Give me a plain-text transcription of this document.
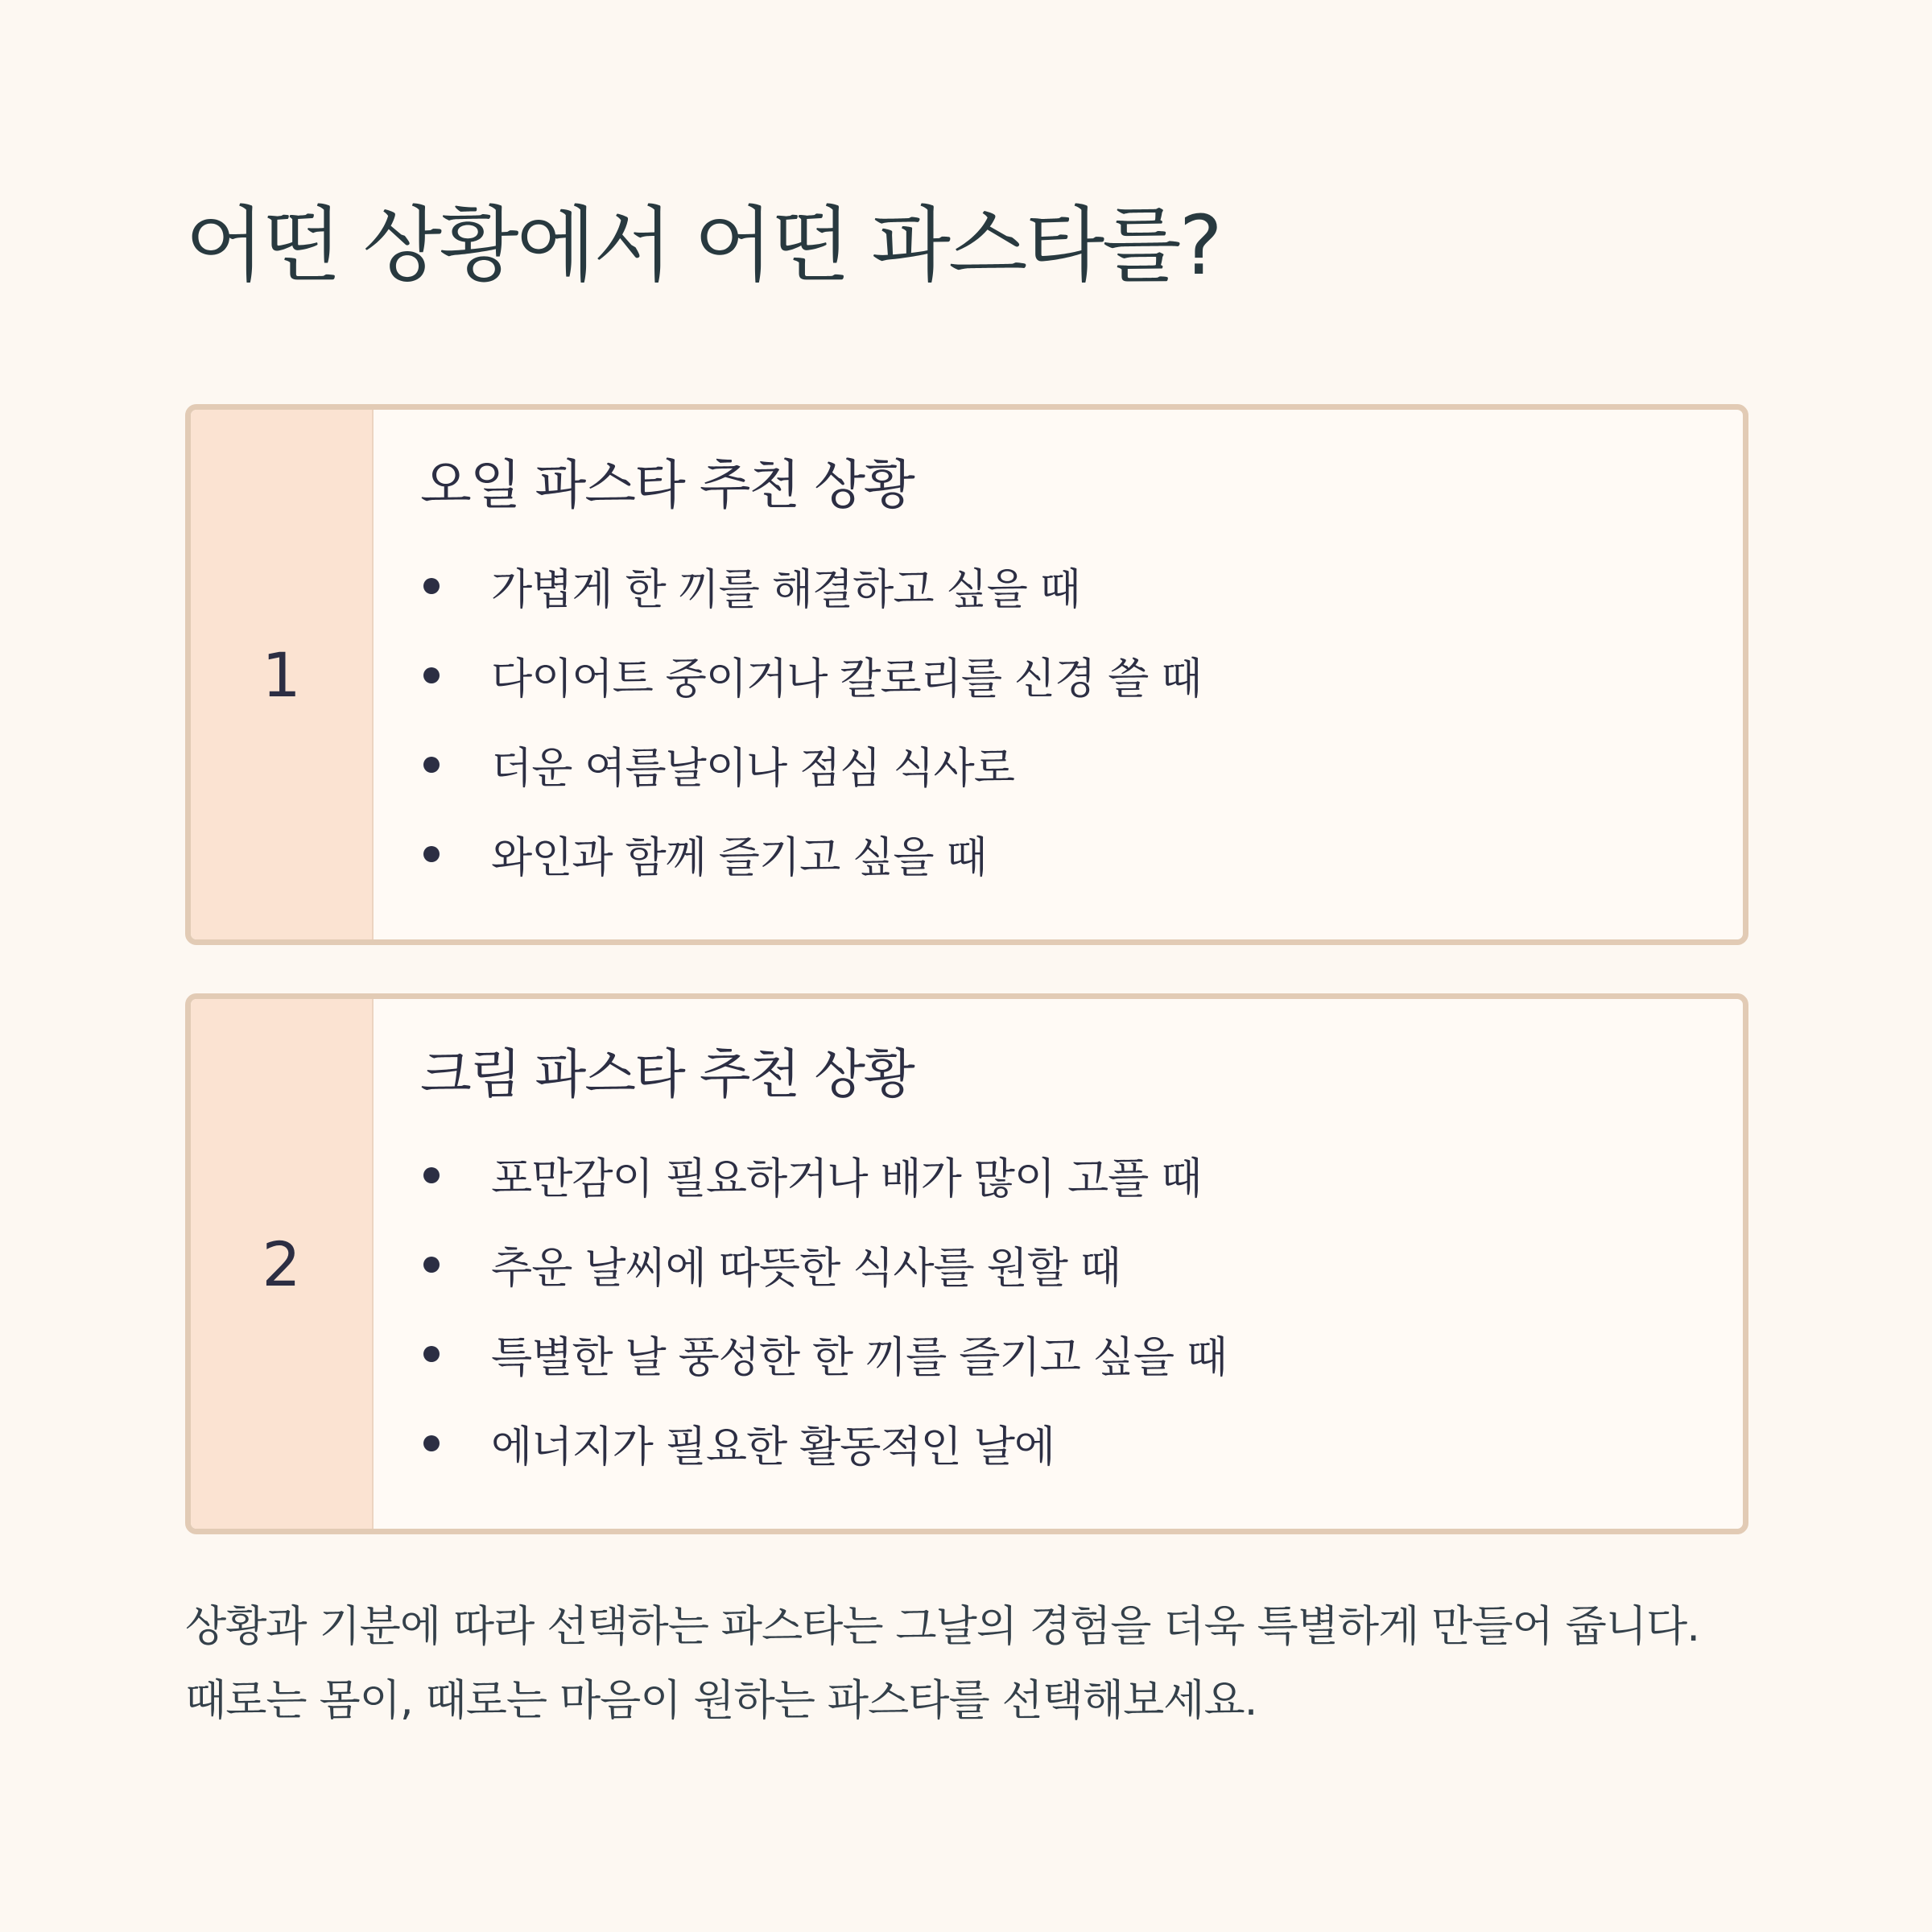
어떤 상황에서 어떤 파스타를?
1
오일 파스타 추천 상황
가볍게 한 끼를 해결하고 싶을 때
다이어트 중이거나 칼로리를 신경 쓸 때
더운 여름날이나 점심 식사로
와인과 함께 즐기고 싶을 때
2
크림 파스타 추천 상황
포만감이 필요하거나 배가 많이 고플 때
추운 날씨에 따뜻한 식사를 원할 때
특별한 날 풍성한 한 끼를 즐기고 싶을 때
에너지가 필요한 활동적인 날에

상황과 기분에 따라 선택하는 파스타는 그날의 경험을 더욱 특별하게 만들어 줍니다.
때로는 몸이, 때로는 마음이 원하는 파스타를 선택해보세요.
